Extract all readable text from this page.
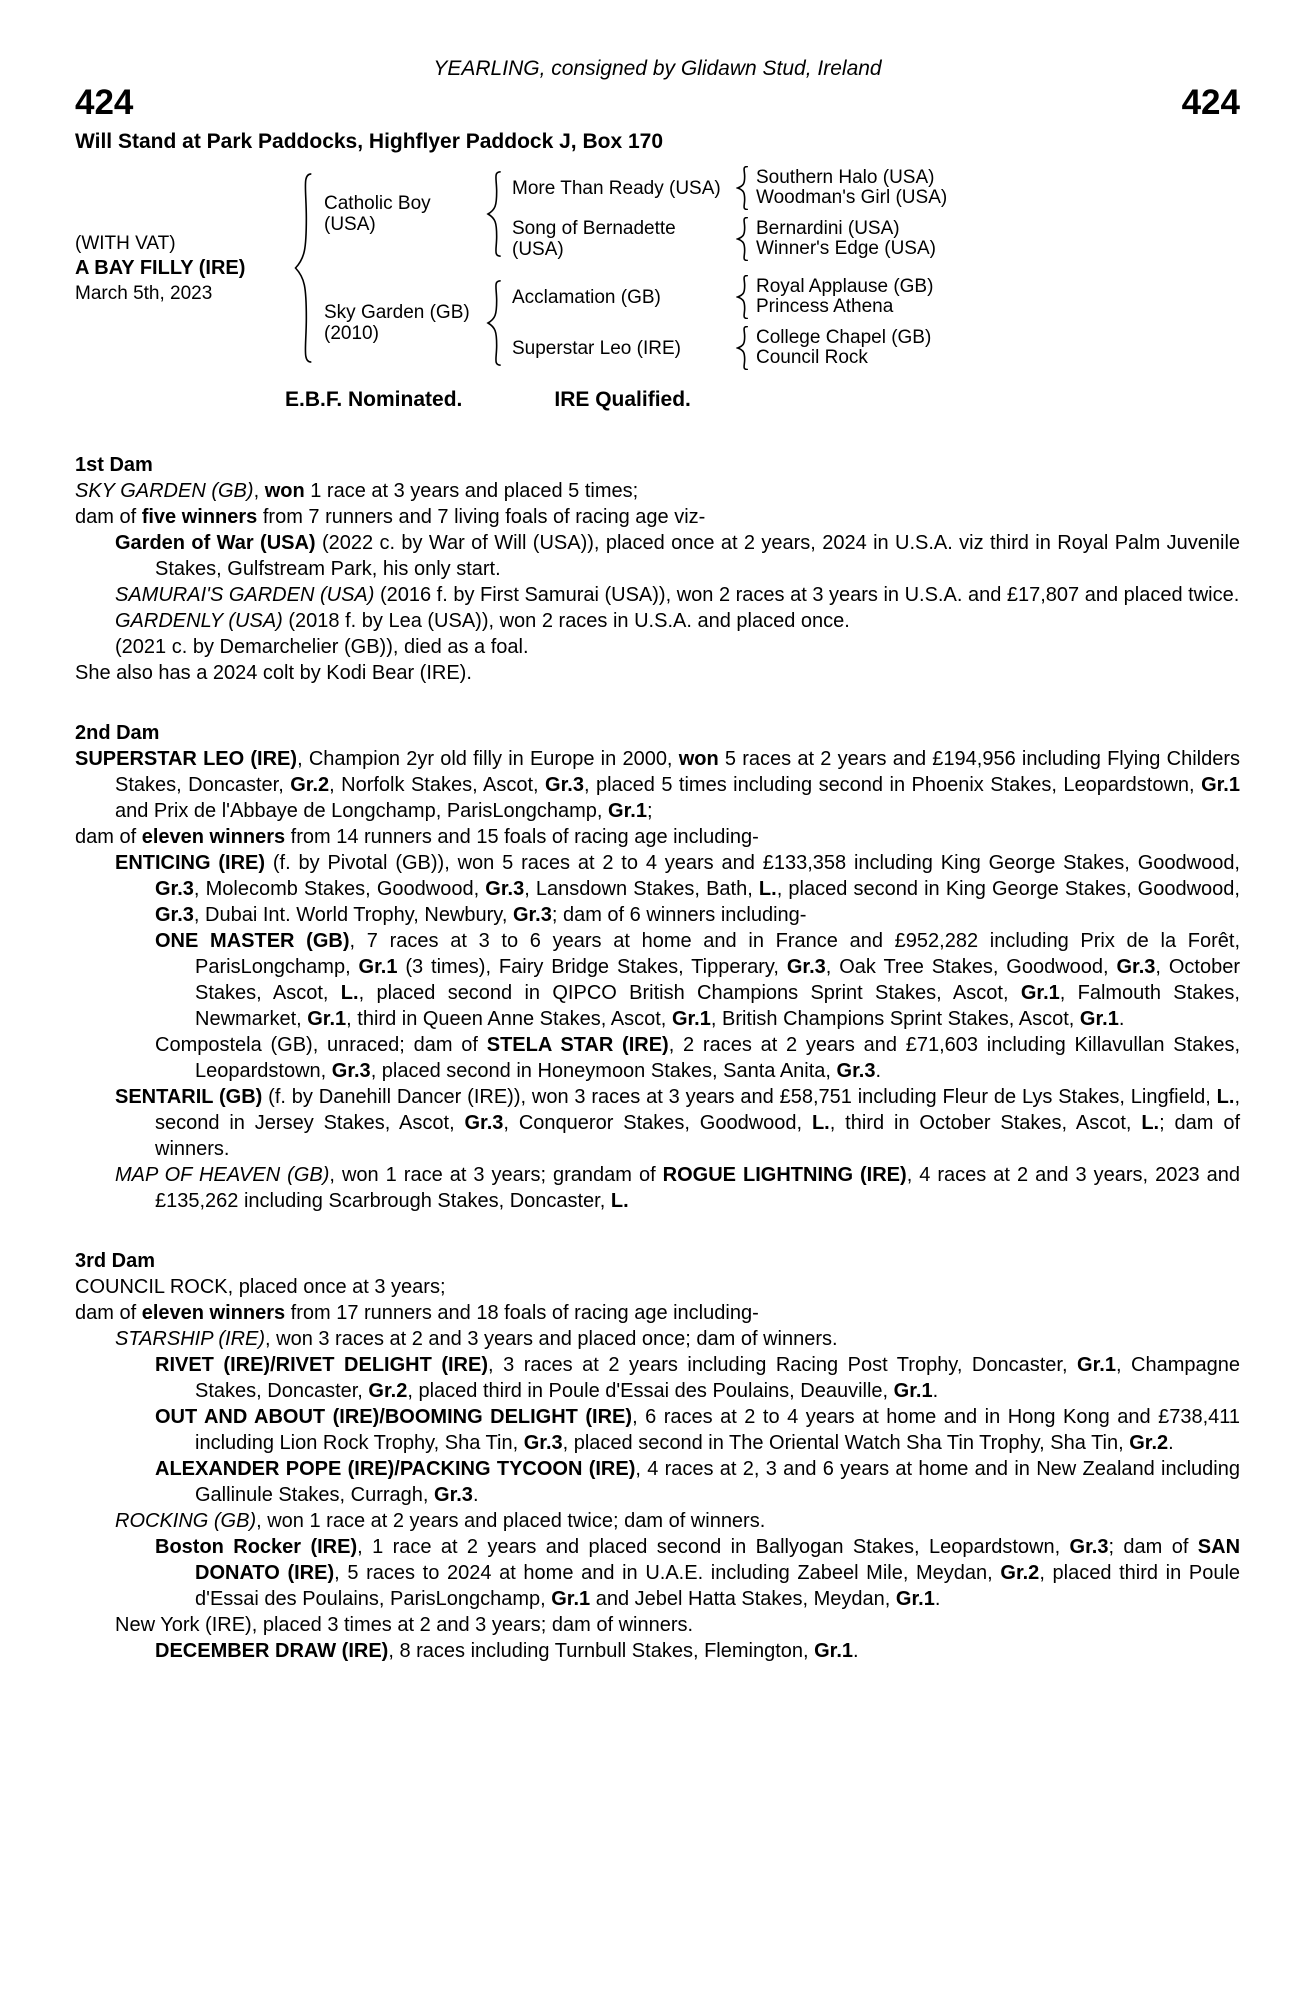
YEARLING, consigned by Glidawn Stud, Ireland
424	424
Will Stand at Park Paddocks, Highflyer Paddock J, Box 170
(WITH VAT)
A BAY FILLY (IRE)
March 5th, 2023
Catholic Boy
(USA)
More Than Ready (USA)	Southern Halo (USA)
Woodman's Girl (USA)
Song of Bernadette
(USA)
Bernardini (USA)
Winner's Edge (USA)
Sky Garden (GB)
(2010)
Acclamation (GB)	Royal Applause (GB)
Princess Athena
Superstar Leo (IRE)	College Chapel (GB)
Council Rock
E.B.F. Nominated.	IRE Qualified.
1st Dam

SKY GARDEN (GB), won 1 race at 3 years and placed 5 times;

dam of five winners from 7 runners and 7 living foals of racing age viz-

Garden of War (USA) (2022 c. by War of Will (USA)), placed once at 2 years, 2024 in U.S.A. viz third in Royal Palm Juvenile Stakes, Gulfstream Park, his only start.

SAMURAI'S GARDEN (USA) (2016 f. by First Samurai (USA)), won 2 races at 3 years in U.S.A. and £17,807 and placed twice.

GARDENLY (USA) (2018 f. by Lea (USA)), won 2 races in U.S.A. and placed once.

(2021 c. by Demarchelier (GB)), died as a foal.

She also has a 2024 colt by Kodi Bear (IRE).

2nd Dam

SUPERSTAR LEO (IRE), Champion 2yr old filly in Europe in 2000, won 5 races at 2 years and £194,956 including Flying Childers Stakes, Doncaster, Gr.2, Norfolk Stakes, Ascot, Gr.3, placed 5 times including second in Phoenix Stakes, Leopardstown, Gr.1 and Prix de l'Abbaye de Longchamp, ParisLongchamp, Gr.1;

dam of eleven winners from 14 runners and 15 foals of racing age including-

ENTICING (IRE) (f. by Pivotal (GB)), won 5 races at 2 to 4 years and £133,358 including King George Stakes, Goodwood, Gr.3, Molecomb Stakes, Goodwood, Gr.3, Lansdown Stakes, Bath, L., placed second in King George Stakes, Goodwood, Gr.3, Dubai Int. World Trophy, Newbury, Gr.3; dam of 6 winners including-

ONE MASTER (GB), 7 races at 3 to 6 years at home and in France and £952,282 including Prix de la Forêt, ParisLongchamp, Gr.1 (3 times), Fairy Bridge Stakes, Tipperary, Gr.3, Oak Tree Stakes, Goodwood, Gr.3, October Stakes, Ascot, L., placed second in QIPCO British Champions Sprint Stakes, Ascot, Gr.1, Falmouth Stakes, Newmarket, Gr.1, third in Queen Anne Stakes, Ascot, Gr.1, British Champions Sprint Stakes, Ascot, Gr.1.

Compostela (GB), unraced; dam of STELA STAR (IRE), 2 races at 2 years and £71,603 including Killavullan Stakes, Leopardstown, Gr.3, placed second in Honeymoon Stakes, Santa Anita, Gr.3.

SENTARIL (GB) (f. by Danehill Dancer (IRE)), won 3 races at 3 years and £58,751 including Fleur de Lys Stakes, Lingfield, L., second in Jersey Stakes, Ascot, Gr.3, Conqueror Stakes, Goodwood, L., third in October Stakes, Ascot, L.; dam of winners.

MAP OF HEAVEN (GB), won 1 race at 3 years; grandam of ROGUE LIGHTNING (IRE), 4 races at 2 and 3 years, 2023 and £135,262 including Scarbrough Stakes, Doncaster, L.

3rd Dam

COUNCIL ROCK, placed once at 3 years;

dam of eleven winners from 17 runners and 18 foals of racing age including-

STARSHIP (IRE), won 3 races at 2 and 3 years and placed once; dam of winners.

RIVET (IRE)/RIVET DELIGHT (IRE), 3 races at 2 years including Racing Post Trophy, Doncaster, Gr.1, Champagne Stakes, Doncaster, Gr.2, placed third in Poule d'Essai des Poulains, Deauville, Gr.1.

OUT AND ABOUT (IRE)/BOOMING DELIGHT (IRE), 6 races at 2 to 4 years at home and in Hong Kong and £738,411 including Lion Rock Trophy, Sha Tin, Gr.3, placed second in The Oriental Watch Sha Tin Trophy, Sha Tin, Gr.2.

ALEXANDER POPE (IRE)/PACKING TYCOON (IRE), 4 races at 2, 3 and 6 years at home and in New Zealand including Gallinule Stakes, Curragh, Gr.3.

ROCKING (GB), won 1 race at 2 years and placed twice; dam of winners.

Boston Rocker (IRE), 1 race at 2 years and placed second in Ballyogan Stakes, Leopardstown, Gr.3; dam of SAN DONATO (IRE), 5 races to 2024 at home and in U.A.E. including Zabeel Mile, Meydan, Gr.2, placed third in Poule d'Essai des Poulains, ParisLongchamp, Gr.1 and Jebel Hatta Stakes, Meydan, Gr.1.

New York (IRE), placed 3 times at 2 and 3 years; dam of winners.

DECEMBER DRAW (IRE), 8 races including Turnbull Stakes, Flemington, Gr.1.
